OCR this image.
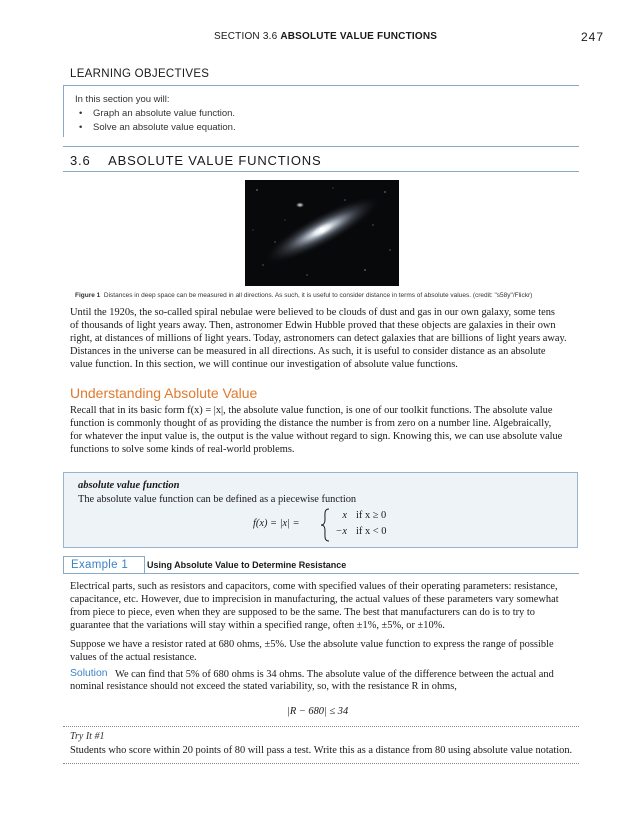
SECTION 3.6 ABSOLUTE VALUE FUNCTIONS	247
LEARNING OBJECTIVES
In this section you will:
• Graph an absolute value function.
• Solve an absolute value equation.
3.6 ABSOLUTE VALUE FUNCTIONS
Figure 1 Distances in deep space can be measured in all directions. As such, it is useful to consider distance in terms of absolute values. (credit: "s58y"/Flickr)
Until the 1920s, the so-called spiral nebulae were believed to be clouds of dust and gas in our own galaxy, some tens
of thousands of light years away. Then, astronomer Edwin Hubble proved that these objects are galaxies in their own
right, at distances of millions of light years. Today, astronomers can detect galaxies that are billions of light years away.
Distances in the universe can be measured in all directions. As such, it is useful to consider distance as an absolute
value function. In this section, we will continue our investigation of absolute value functions.
Understanding Absolute Value
Recall that in its basic form f(x) = |x|, the absolute value function, is one of our toolkit functions. The absolute value
function is commonly thought of as providing the distance the number is from zero on a number line. Algebraically,
for whatever the input value is, the output is the value without regard to sign. Knowing this, we can use absolute value
functions to solve some kinds of real-world problems.
absolute value function
The absolute value function can be defined as a piecewise function
f(x) = |x| =
x if x ≥ 0
−x if x < 0
Example 1 Using Absolute Value to Determine Resistance
Electrical parts, such as resistors and capacitors, come with specified values of their operating parameters: resistance,
capacitance, etc. However, due to imprecision in manufacturing, the actual values of these parameters vary somewhat
from piece to piece, even when they are supposed to be the same. The best that manufacturers can do is to try to
guarantee that the variations will stay within a specified range, often ±1%, ±5%, or ±10%.
Suppose we have a resistor rated at 680 ohms, ±5%. Use the absolute value function to express the range of possible
values of the actual resistance.
Solution We can find that 5% of 680 ohms is 34 ohms. The absolute value of the difference between the actual and
nominal resistance should not exceed the stated variability, so, with the resistance R in ohms,
|R − 680| ≤ 34
Try It #1
Students who score within 20 points of 80 will pass a test. Write this as a distance from 80 using absolute value notation.
